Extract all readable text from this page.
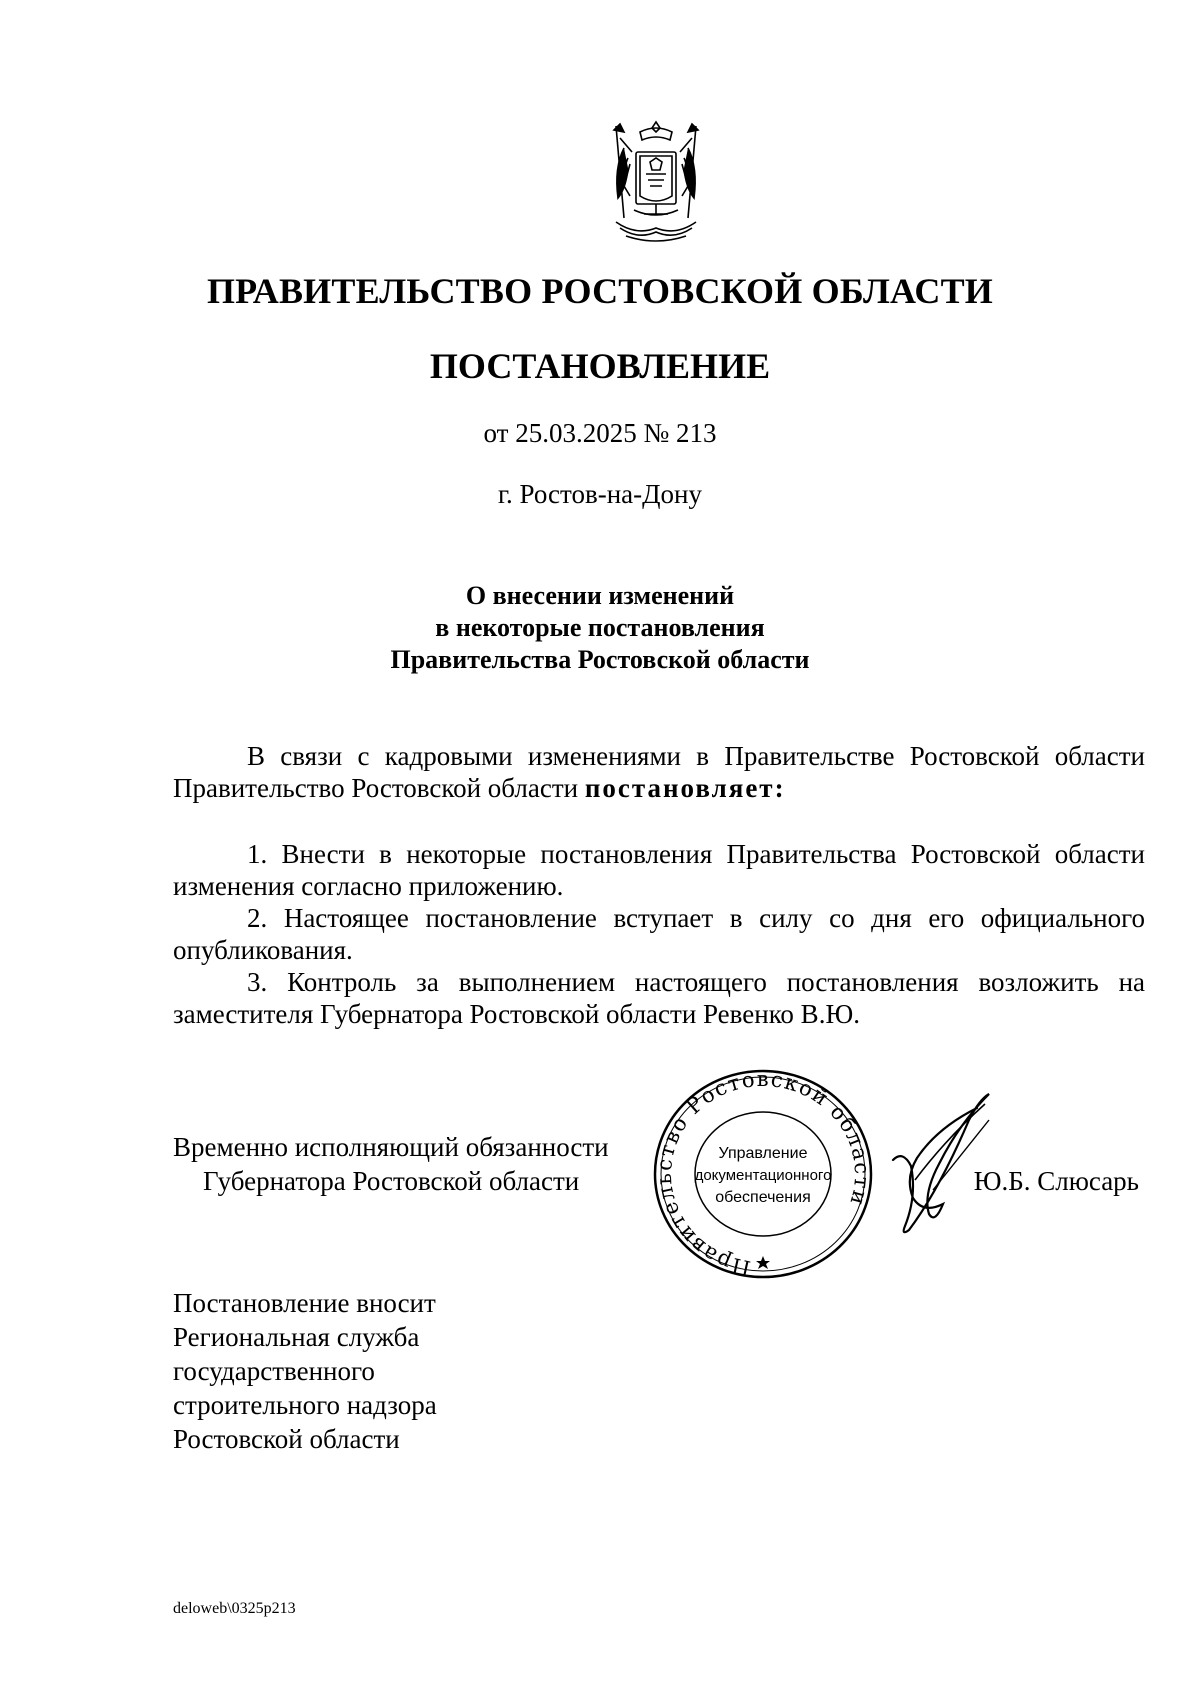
ПРАВИТЕЛЬСТВО РОСТОВСКОЙ ОБЛАСТИ
ПОСТАНОВЛЕНИЕ
от 25.03.2025 № 213
г. Ростов-на-Дону
О внесении изменений
в некоторые постановления
Правительства Ростовской области

В связи с кадровыми изменениями в Правительстве Ростовской области Правительство Ростовской области постановляет:

1. Внести в некоторые постановления Правительства Ростовской области изменения согласно приложению.

2. Настоящее постановление вступает в силу со дня его официального опубликования.

3. Контроль за выполнением настоящего постановления возложить на заместителя Губернатора Ростовской области Ревенко В.Ю.

Временно исполняющий обязанности
Губернатора Ростовской области
Правительство Ростовской области
Управление
документационного
обеспечения
Ю.Б. Слюсарь
Постановление вносит
Региональная служба
государственного
строительного надзора
Ростовской области
deloweb\0325p213
